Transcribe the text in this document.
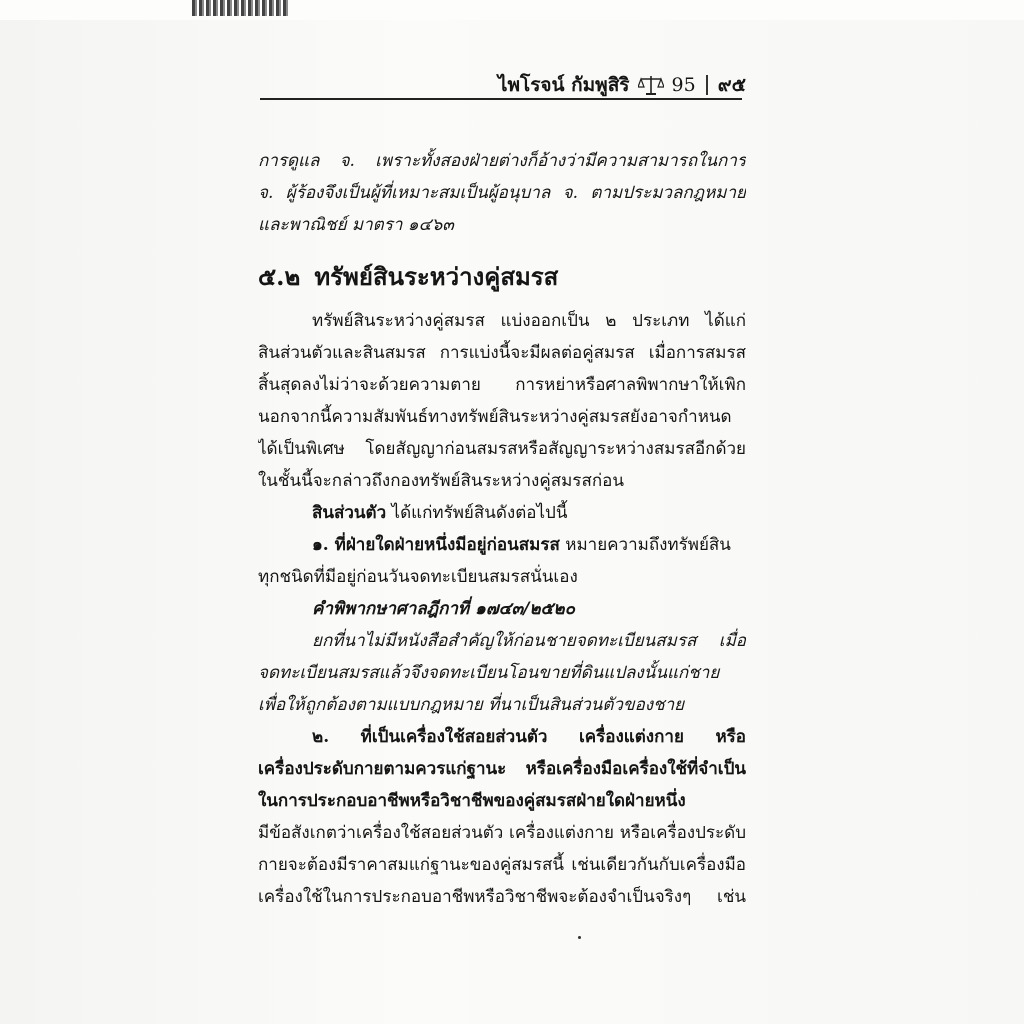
ไพโรจน์ กัมพูสิริ 95 ๙๕
การดูแล จ. เพราะทั้งสองฝ่ายต่างก็อ้างว่ามีความสามารถในการ
จ. ผู้ร้องจึงเป็นผู้ที่เหมาะสมเป็นผู้อนุบาล จ. ตามประมวลกฎหมาย
และพาณิชย์ มาตรา ๑๔๖๓
๕.๒ ทรัพย์สินระหว่างคู่สมรส
ทรัพย์สินระหว่างคู่สมรส แบ่งออกเป็น ๒ ประเภท ได้แก่
สินส่วนตัวและสินสมรส การแบ่งนี้จะมีผลต่อคู่สมรส เมื่อการสมรส
สิ้นสุดลงไม่ว่าจะด้วยความตาย การหย่าหรือศาลพิพากษาให้เพิก
นอกจากนี้ความสัมพันธ์ทางทรัพย์สินระหว่างคู่สมรสยังอาจกำหนด
ได้เป็นพิเศษ โดยสัญญาก่อนสมรสหรือสัญญาระหว่างสมรสอีกด้วย
ในชั้นนี้จะกล่าวถึงกองทรัพย์สินระหว่างคู่สมรสก่อน
สินส่วนตัว ได้แก่ทรัพย์สินดังต่อไปนี้
๑. ที่ฝ่ายใดฝ่ายหนึ่งมีอยู่ก่อนสมรส หมายความถึงทรัพย์สิน
ทุกชนิดที่มีอยู่ก่อนวันจดทะเบียนสมรสนั่นเอง
คำพิพากษาศาลฎีกาที่ ๑๗๔๓/๒๕๒๐
ยกที่นาไม่มีหนังสือสำคัญให้ก่อนชายจดทะเบียนสมรส เมื่อ
จดทะเบียนสมรสแล้วจึงจดทะเบียนโอนขายที่ดินแปลงนั้นแก่ชาย
เพื่อให้ถูกต้องตามแบบกฎหมาย ที่นาเป็นสินส่วนตัวของชาย
๒. ที่เป็นเครื่องใช้สอยส่วนตัว เครื่องแต่งกาย หรือ
เครื่องประดับกายตามควรแก่ฐานะ หรือเครื่องมือเครื่องใช้ที่จำเป็น
ในการประกอบอาชีพหรือวิชาชีพของคู่สมรสฝ่ายใดฝ่ายหนึ่ง
มีข้อสังเกตว่าเครื่องใช้สอยส่วนตัว เครื่องแต่งกาย หรือเครื่องประดับ
กายจะต้องมีราคาสมแก่ฐานะของคู่สมรสนี้ เช่นเดียวกันกับเครื่องมือ
เครื่องใช้ในการประกอบอาชีพหรือวิชาชีพจะต้องจำเป็นจริงๆ เช่น
